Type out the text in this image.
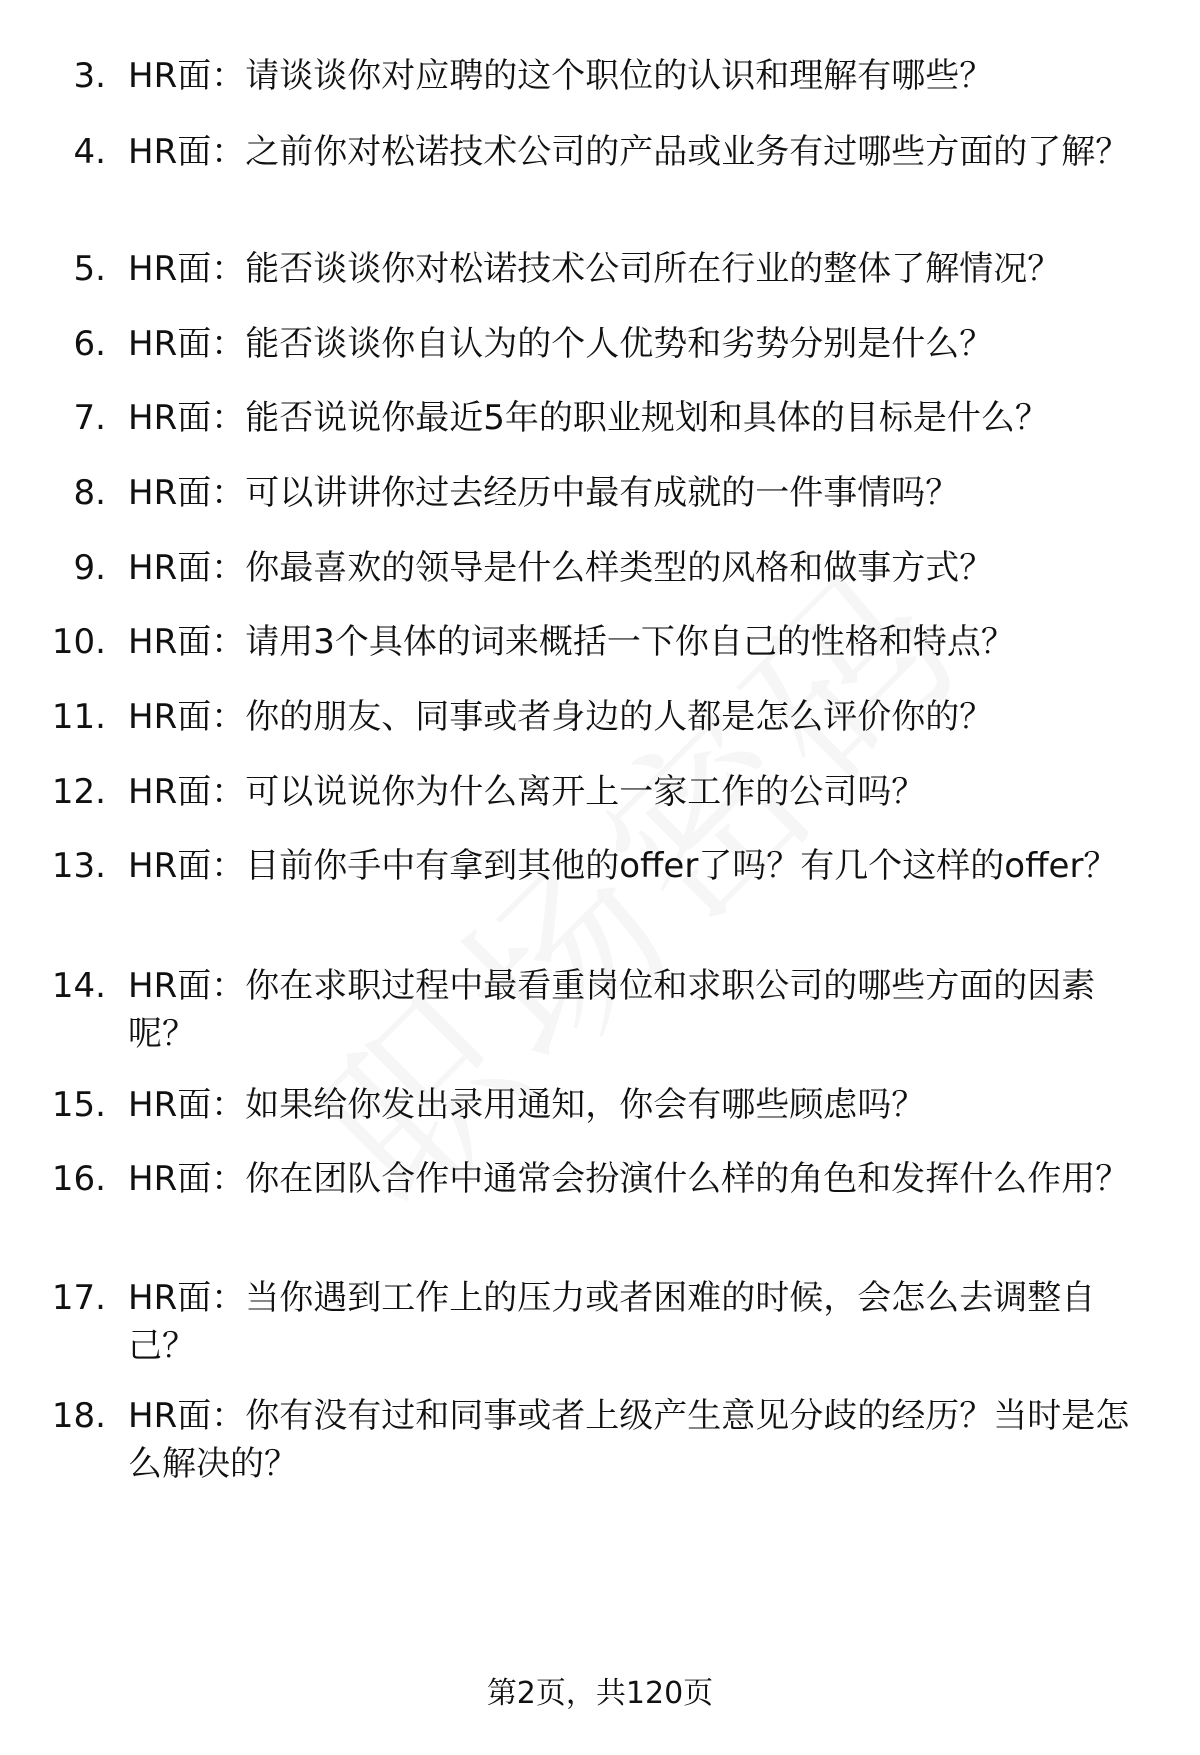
3. HR面：请谈谈你对应聘的这个职位的认识和理解有哪些？
4. HR面：之前你对松诺技术公司的产品或业务有过哪些方面的了解？
5. HR面：能否谈谈你对松诺技术公司所在行业的整体了解情况？
6. HR面：能否谈谈你自认为的个人优势和劣势分别是什么？
7. HR面：能否说说你最近5年的职业规划和具体的目标是什么？
8. HR面：可以讲讲你过去经历中最有成就的一件事情吗？
9. HR面：你最喜欢的领导是什么样类型的风格和做事方式？
10. HR面：请用3个具体的词来概括一下你自己的性格和特点？
11. HR面：你的朋友、同事或者身边的人都是怎么评价你的？
12. HR面：可以说说你为什么离开上一家工作的公司吗？
13. HR面：目前你手中有拿到其他的offer了吗？有几个这样的offer？
14. HR面：你在求职过程中最看重岗位和求职公司的哪些方面的因素呢？
15. HR面：如果给你发出录用通知，你会有哪些顾虑吗？
16. HR面：你在团队合作中通常会扮演什么样的角色和发挥什么作用？
17. HR面：当你遇到工作上的压力或者困难的时候，会怎么去调整自己？
18. HR面：你有没有过和同事或者上级产生意见分歧的经历？当时是怎么解决的？
第2页，共120页
